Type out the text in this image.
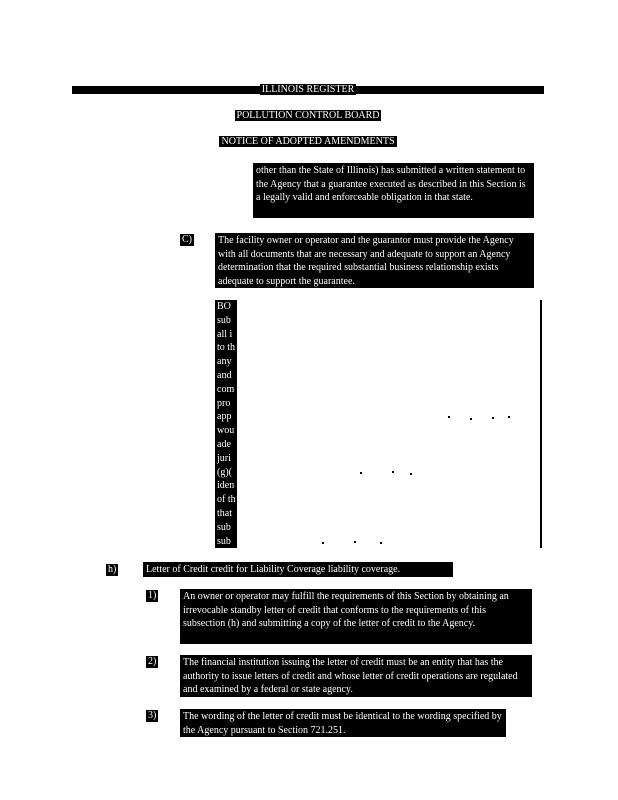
ILLINOIS REGISTER
POLLUTION CONTROL BOARD
NOTICE OF ADOPTED AMENDMENTS
other than the State of Illinois) has submitted a written statement to the Agency that a guarantee executed as described in this Section is a legally valid and enforceable obligation in that state.
C)	The facility owner or operator and the guarantor must provide the Agency with all documents that are necessary and adequate to support an Agency determination that the required substantial business relationship exists adequate to support the guarantee.
BO
sub
all i
to th
any
and
com
pro
app
wou
ade
juri
(g)(
iden
of th
that
sub
sub
h)	Letter of Credit credit for Liability Coverage liability coverage.
1)	An owner or operator may fulfill the requirements of this Section by obtaining an irrevocable standby letter of credit that conforms to the requirements of this subsection (h) and submitting a copy of the letter of credit to the Agency.
2)	The financial institution issuing the letter of credit must be an entity that has the authority to issue letters of credit and whose letter of credit operations are regulated and examined by a federal or state agency.
3)	The wording of the letter of credit must be identical to the wording specified by the Agency pursuant to Section 721.251.
